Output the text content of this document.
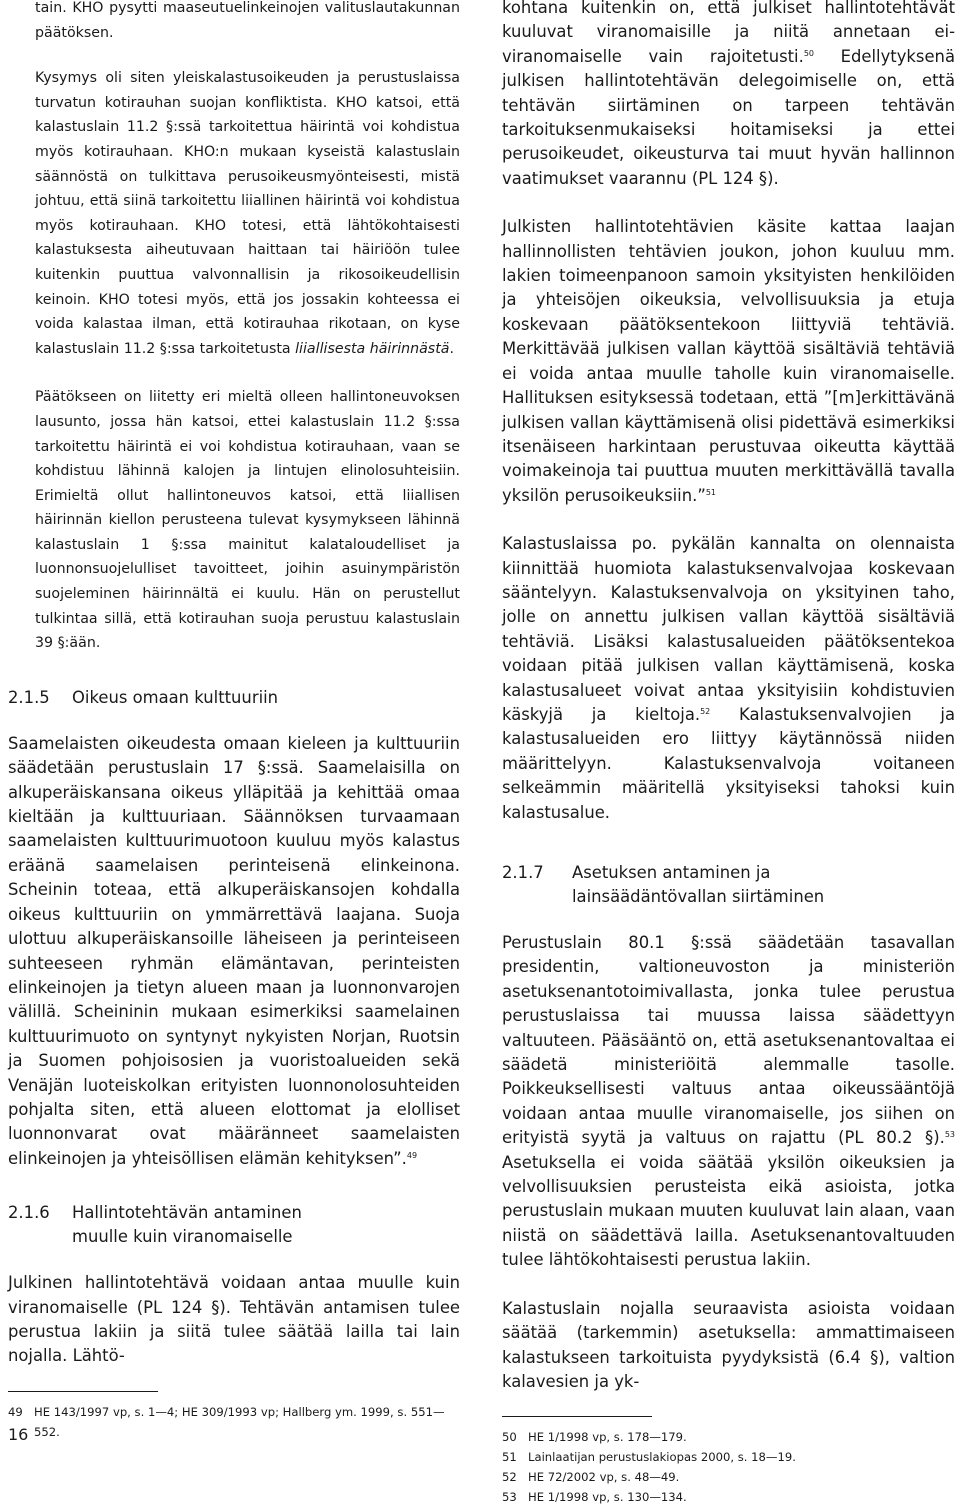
tain. KHO pysytti maaseutuelinkeinojen valituslautakunnan päätöksen.

Kysymys oli siten yleiskalastusoikeuden ja perustuslaissa turvatun kotirauhan suojan konfliktista. KHO katsoi, että kalastuslain 11.2 §:ssä tarkoitettua häirintä voi kohdistua myös kotirauhaan. KHO:n mukaan kyseistä kalastuslain säännöstä on tulkittava perusoikeusmyönteisesti, mistä johtuu, että siinä tarkoitettu liiallinen häirintä voi kohdistua myös kotirauhaan. KHO totesi, että lähtökohtaisesti kalastuksesta aiheutuvaan haittaan tai häiriöön tulee kuitenkin puuttua valvonnallisin ja rikosoikeudellisin keinoin. KHO totesi myös, että jos jossakin kohteessa ei voida kalastaa ilman, että kotirauhaa rikotaan, on kyse kalastuslain 11.2 §:ssa tarkoitetusta liiallisesta häirinnästä.

Päätökseen on liitetty eri mieltä olleen hallintoneuvoksen lausunto, jossa hän katsoi, ettei kalastuslain 11.2 §:ssa tarkoitettu häirintä ei voi kohdistua kotirauhaan, vaan se kohdistuu lähinnä kalojen ja lintujen elinolosuhteisiin. Erimieltä ollut hallintoneuvos katsoi, että liiallisen häirinnän kiellon perusteena tulevat kysymykseen lähinnä kalastuslain 1 §:ssa mainitut kalataloudelliset ja luonnonsuojelulliset tavoitteet, joihin asuinympäristön suojeleminen häirinnältä ei kuulu. Hän on perustellut tulkintaa sillä, että kotirauhan suoja perustuu kalastuslain 39 §:ään.

2.1.5	Oikeus omaan kulttuuriin

Saamelaisten oikeudesta omaan kieleen ja kulttuuriin säädetään perustuslain 17 §:ssä. Saamelaisilla on alkuperäiskansana oikeus ylläpitää ja kehittää omaa kieltään ja kulttuuriaan. Säännöksen turvaamaan saamelaisten kulttuurimuotoon kuuluu myös kalastus eräänä saamelaisen perinteisenä elinkeinona. Scheinin toteaa, että alkuperäiskansojen kohdalla oikeus kulttuuriin on ymmärrettävä laajana. Suoja ulottuu alkuperäiskansoille läheiseen ja perinteiseen suhteeseen ryhmän elämäntavan, perinteisten elinkeinojen ja tietyn alueen maan ja luonnonvarojen välillä. Scheininin mukaan esimerkiksi saamelainen kulttuurimuoto on syntynyt nykyisten Norjan, Ruotsin ja Suomen pohjoisosien ja vuoristoalueiden sekä Venäjän luoteiskolkan erityisten luonnonolosuhteiden pohjalta siten, että alueen elottomat ja elolliset luonnonvarat ovat määränneet saamelaisten elinkeinojen ja yhteisöllisen elämän kehityksen”.$^{49}$

2.1.6	Hallintotehtävän antaminen muulle kuin viranomaiselle

Julkinen hallintotehtävä voidaan antaa muulle kuin viranomaiselle (PL 124 §). Tehtävän antamisen tulee perustua lakiin ja siitä tulee säätää lailla tai lain nojalla. Lähtö-

49 HE 143/1997 vp, s. 1—4; HE 309/1993 vp; Hallberg ym. 1999, s. 551—552.

kohtana kuitenkin on, että julkiset hallintotehtävät kuuluvat viranomaisille ja niitä annetaan ei-viranomaiselle vain rajoitetusti.$^{50}$ Edellytyksenä julkisen hallintotehtävän delegoimiselle on, että tehtävän siirtäminen on tarpeen tehtävän tarkoituksenmukaiseksi hoitamiseksi ja ettei perusoikeudet, oikeusturva tai muut hyvän hallinnon vaatimukset vaarannu (PL 124 §).

Julkisten hallintotehtävien käsite kattaa laajan hallinnollisten tehtävien joukon, johon kuuluu mm. lakien toimeenpanoon samoin yksityisten henkilöiden ja yhteisöjen oikeuksia, velvollisuuksia ja etuja koskevaan päätöksentekoon liittyviä tehtäviä. Merkittävää julkisen vallan käyttöä sisältäviä tehtäviä ei voida antaa muulle taholle kuin viranomaiselle. Hallituksen esityksessä todetaan, että ”[m]erkittävänä julkisen vallan käyttämisenä olisi pidettävä esimerkiksi itsenäiseen harkintaan perustuvaa oikeutta käyttää voimakeinoja tai puuttua muuten merkittävällä tavalla yksilön perusoikeuksiin.”$^{51}$

Kalastuslaissa po. pykälän kannalta on olennaista kiinnittää huomiota kalastuksenvalvojaa koskevaan sääntelyyn. Kalastuksenvalvoja on yksityinen taho, jolle on annettu julkisen vallan käyttöä sisältäviä tehtäviä. Lisäksi kalastusalueiden päätöksentekoa voidaan pitää julkisen vallan käyttämisenä, koska kalastusalueet voivat antaa yksityisiin kohdistuvien käskyjä ja kieltoja.$^{52}$ Kalastuksenvalvojien ja kalastusalueiden ero liittyy käytännössä niiden määrittelyyn. Kalastuksenvalvoja voitaneen selkeämmin määritellä yksityiseksi tahoksi kuin kalastusalue.

2.1.7	Asetuksen antaminen ja lainsäädäntövallan siirtäminen

Perustuslain 80.1 §:ssä säädetään tasavallan presidentin, valtioneuvoston ja ministeriön asetuksenantotoimivallasta, jonka tulee perustua perustuslaissa tai muussa laissa säädettyyn valtuuteen. Pääsääntö on, että asetuksenantovaltaa ei säädetä ministeriöitä alemmalle tasolle. Poikkeuksellisesti valtuus antaa oikeussääntöjä voidaan antaa muulle viranomaiselle, jos siihen on erityistä syytä ja valtuus on rajattu (PL 80.2 §).$^{53}$ Asetuksella ei voida säätää yksilön oikeuksien ja velvollisuuksien perusteista eikä asioista, jotka perustuslain mukaan muuten kuuluvat lain alaan, vaan niistä on säädettävä lailla. Asetuksenantovaltuuden tulee lähtökohtaisesti perustua lakiin.

Kalastuslain nojalla seuraavista asioista voidaan säätää (tarkemmin) asetuksella: ammattimaiseen kalastukseen tarkoituista pyydyksistä (6.4 §), valtion kalavesien ja yk-

50 HE 1/1998 vp, s. 178—179.
51 Lainlaatijan perustuslakiopas 2000, s. 18—19.
52 HE 72/2002 vp, s. 48—49.
53 HE 1/1998 vp, s. 130—134.
16
